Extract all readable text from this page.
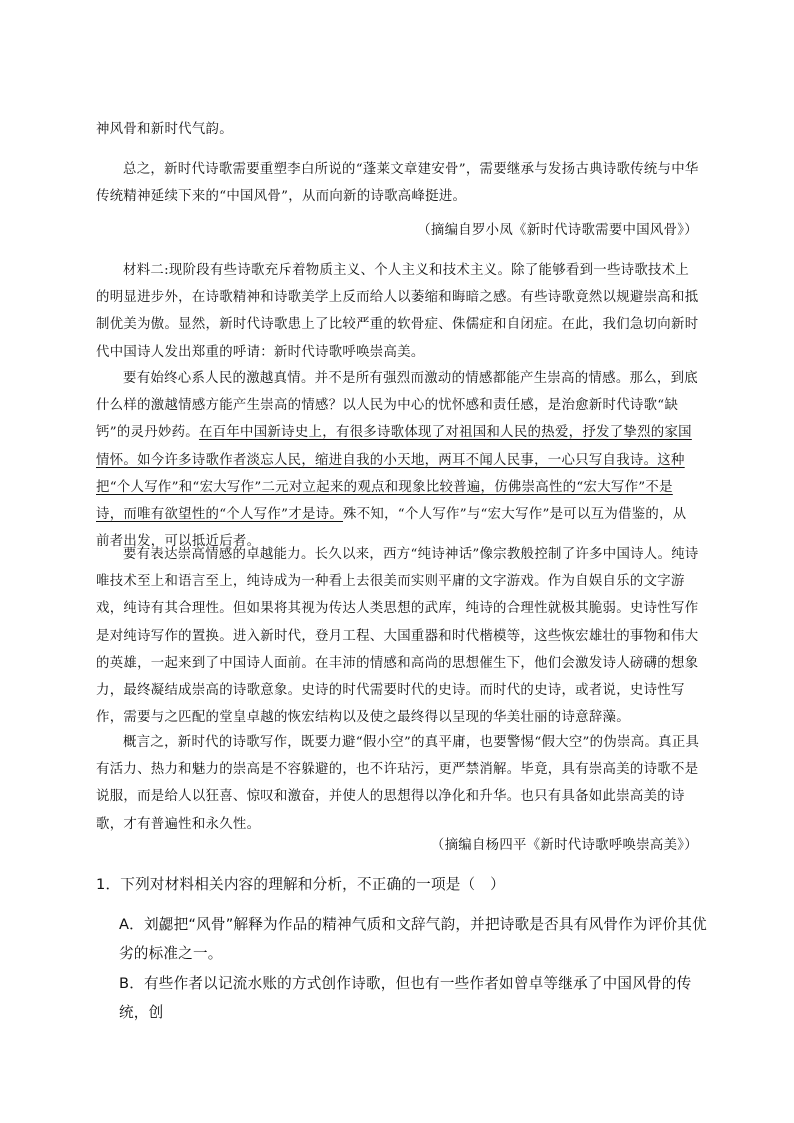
神风骨和新时代气韵。

总之，新时代诗歌需要重塑李白所说的“蓬莱文章建安骨”，需要继承与发扬古典诗歌传统与中华传统精神延续下来的“中国风骨”，从而向新的诗歌高峰挺进。

（摘编自罗小凤《新时代诗歌需要中国风骨》）

材料二:现阶段有些诗歌充斥着物质主义、个人主义和技术主义。除了能够看到一些诗歌技术上的明显进步外，在诗歌精神和诗歌美学上反而给人以萎缩和晦暗之感。有些诗歌竟然以规避崇高和抵制优美为傲。显然，新时代诗歌患上了比较严重的软骨症、侏儒症和自闭症。在此，我们急切向新时代中国诗人发出郑重的呼请：新时代诗歌呼唤崇高美。

要有始终心系人民的激越真情。并不是所有强烈而激动的情感都能产生崇高的情感。那么，到底什么样的激越情感方能产生崇高的情感？以人民为中心的忧怀感和责任感，是治愈新时代诗歌“缺钙”的灵丹妙药。在百年中国新诗史上，有很多诗歌体现了对祖国和人民的热爱，抒发了挚烈的家国情怀。如今许多诗歌作者淡忘人民，缩进自我的小天地，两耳不闻人民事，一心只写自我诗。这种把“个人写作”和“宏大写作”二元对立起来的观点和现象比较普遍，仿佛崇高性的“宏大写作”不是诗，而唯有欲望性的“个人写作”才是诗。殊不知，“个人写作”与“宏大写作”是可以互为借鉴的，从前者出发，可以抵近后者。

要有表达崇高情感的卓越能力。长久以来，西方“纯诗神话”像宗教般控制了许多中国诗人。纯诗唯技术至上和语言至上，纯诗成为一种看上去很美而实则平庸的文字游戏。作为自娱自乐的文字游戏，纯诗有其合理性。但如果将其视为传达人类思想的武库，纯诗的合理性就极其脆弱。史诗性写作是对纯诗写作的置换。进入新时代，登月工程、大国重器和时代楷模等，这些恢宏雄壮的事物和伟大的英雄，一起来到了中国诗人面前。在丰沛的情感和高尚的思想催生下，他们会激发诗人磅礴的想象力，最终凝结成崇高的诗歌意象。史诗的时代需要时代的史诗。而时代的史诗，或者说，史诗性写作，需要与之匹配的堂皇卓越的恢宏结构以及使之最终得以呈现的华美壮丽的诗意辞藻。

概言之，新时代的诗歌写作，既要力避“假小空”的真平庸，也要警惕“假大空”的伪崇高。真正具有活力、热力和魅力的崇高是不容躲避的，也不许玷污，更严禁消解。毕竟，具有崇高美的诗歌不是说服，而是给人以狂喜、惊叹和激奋，并使人的思想得以净化和升华。也只有具备如此崇高美的诗歌，才有普遍性和永久性。

（摘编自杨四平《新时代诗歌呼唤崇高美》）

1．下列对材料相关内容的理解和分析，不正确的一项是（　）

A．刘勰把“风骨”解释为作品的精神气质和文辞气韵，并把诗歌是否具有风骨作为评价其优劣的标准之一。

B．有些作者以记流水账的方式创作诗歌，但也有一些作者如曾卓等继承了中国风骨的传统，创
